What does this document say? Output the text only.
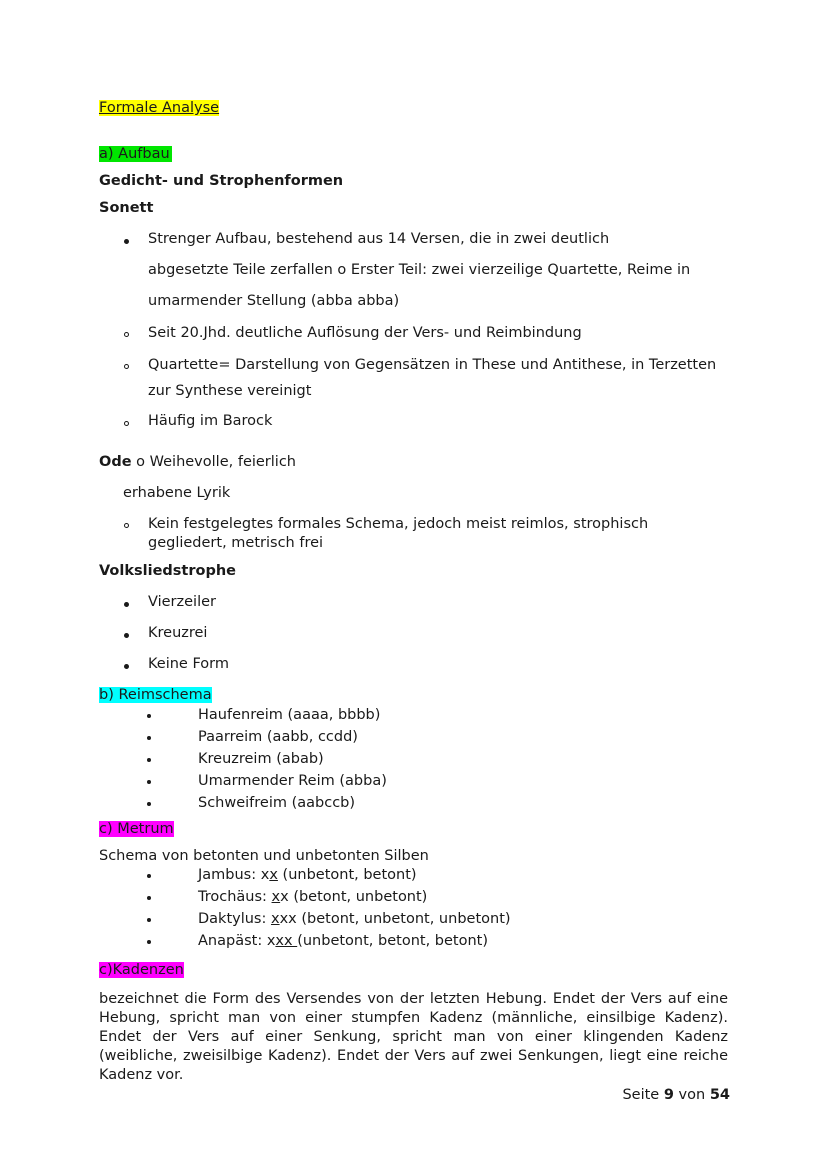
Formale Analyse
a) Aufbau
Gedicht- und Strophenformen
Sonett
Strenger Aufbau, bestehend aus 14 Versen, die in zwei deutlich
abgesetzte Teile zerfallen o Erster Teil: zwei vierzeilige Quartette, Reime in
umarmender Stellung (abba abba)
Seit 20.Jhd. deutliche Auflösung der Vers- und Reimbindung
Quartette= Darstellung von Gegensätzen in These und Antithese, in Terzetten
zur Synthese vereinigt
Häufig im Barock
Ode o Weihevolle, feierlich
erhabene Lyrik
Kein festgelegtes formales Schema, jedoch meist reimlos, strophisch
gegliedert, metrisch frei
Volksliedstrophe
Vierzeiler
Kreuzrei
Keine Form
b) Reimschema
Haufenreim (aaaa, bbbb)
Paarreim (aabb, ccdd)
Kreuzreim (abab)
Umarmender Reim (abba)
Schweifreim (aabccb)
c) Metrum
Schema von betonten und unbetonten Silben
Jambus: xx (unbetont, betont)
Trochäus: xx (betont, unbetont)
Daktylus: xxx (betont, unbetont, unbetont)
Anapäst: xxx (unbetont, betont, betont)
c)Kadenzen
bezeichnet die Form des Versendes von der letzten Hebung. Endet der Vers auf eine Hebung, spricht man von einer stumpfen Kadenz (männliche, einsilbige Kadenz). Endet der Vers auf einer Senkung, spricht man von einer klingenden Kadenz (weibliche, zweisilbige Kadenz). Endet der Vers auf zwei Senkungen, liegt eine reiche Kadenz vor.
Seite 9 von 54
